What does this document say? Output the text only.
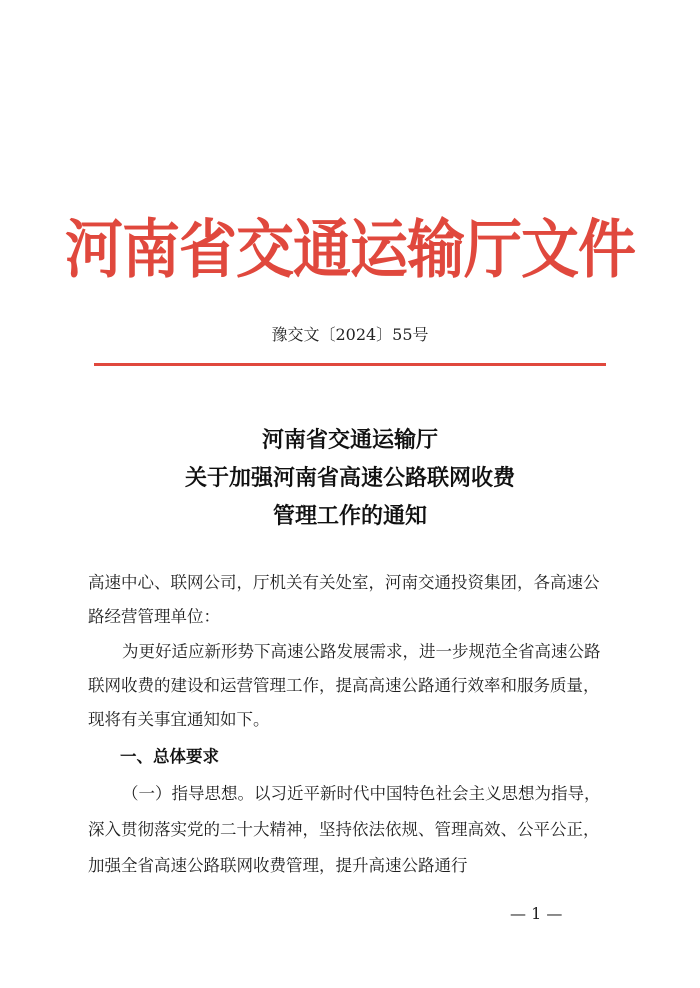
河南省交通运输厅文件
豫交文〔2024〕55号
河南省交通运输厅
关于加强河南省高速公路联网收费
管理工作的通知
高速中心、联网公司，厅机关有关处室，河南交通投资集团，各高速公路经营管理单位：
为更好适应新形势下高速公路发展需求，进一步规范全省高速公路联网收费的建设和运营管理工作，提高高速公路通行效率和服务质量，现将有关事宜通知如下。
一、总体要求
（一）指导思想。以习近平新时代中国特色社会主义思想为指导，深入贯彻落实党的二十大精神，坚持依法依规、管理高效、公平公正，加强全省高速公路联网收费管理，提升高速公路通行
— 1 —
